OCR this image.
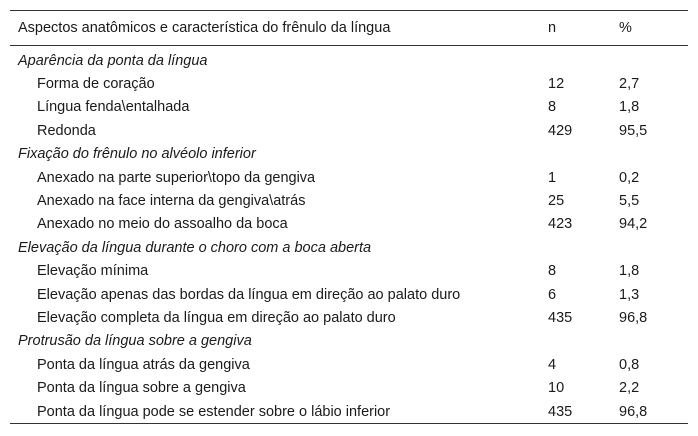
Aspectos anatômicos e característica do frênulo da língua	n	%
Aparência da ponta da língua		
Forma de coração	12	2,7
Língua fenda\entalhada	8	1,8
Redonda	429	95,5
Fixação do frênulo no alvéolo inferior		
Anexado na parte superior\topo da gengiva	1	0,2
Anexado na face interna da gengiva\atrás	25	5,5
Anexado no meio do assoalho da boca	423	94,2
Elevação da língua durante o choro com a boca aberta		
Elevação mínima	8	1,8
Elevação apenas das bordas da língua em direção ao palato duro	6	1,3
Elevação completa da língua em direção ao palato duro	435	96,8
Protrusão da língua sobre a gengiva		
Ponta da língua atrás da gengiva	4	0,8
Ponta da língua sobre a gengiva	10	2,2
Ponta da língua pode se estender sobre o lábio inferior	435	96,8
